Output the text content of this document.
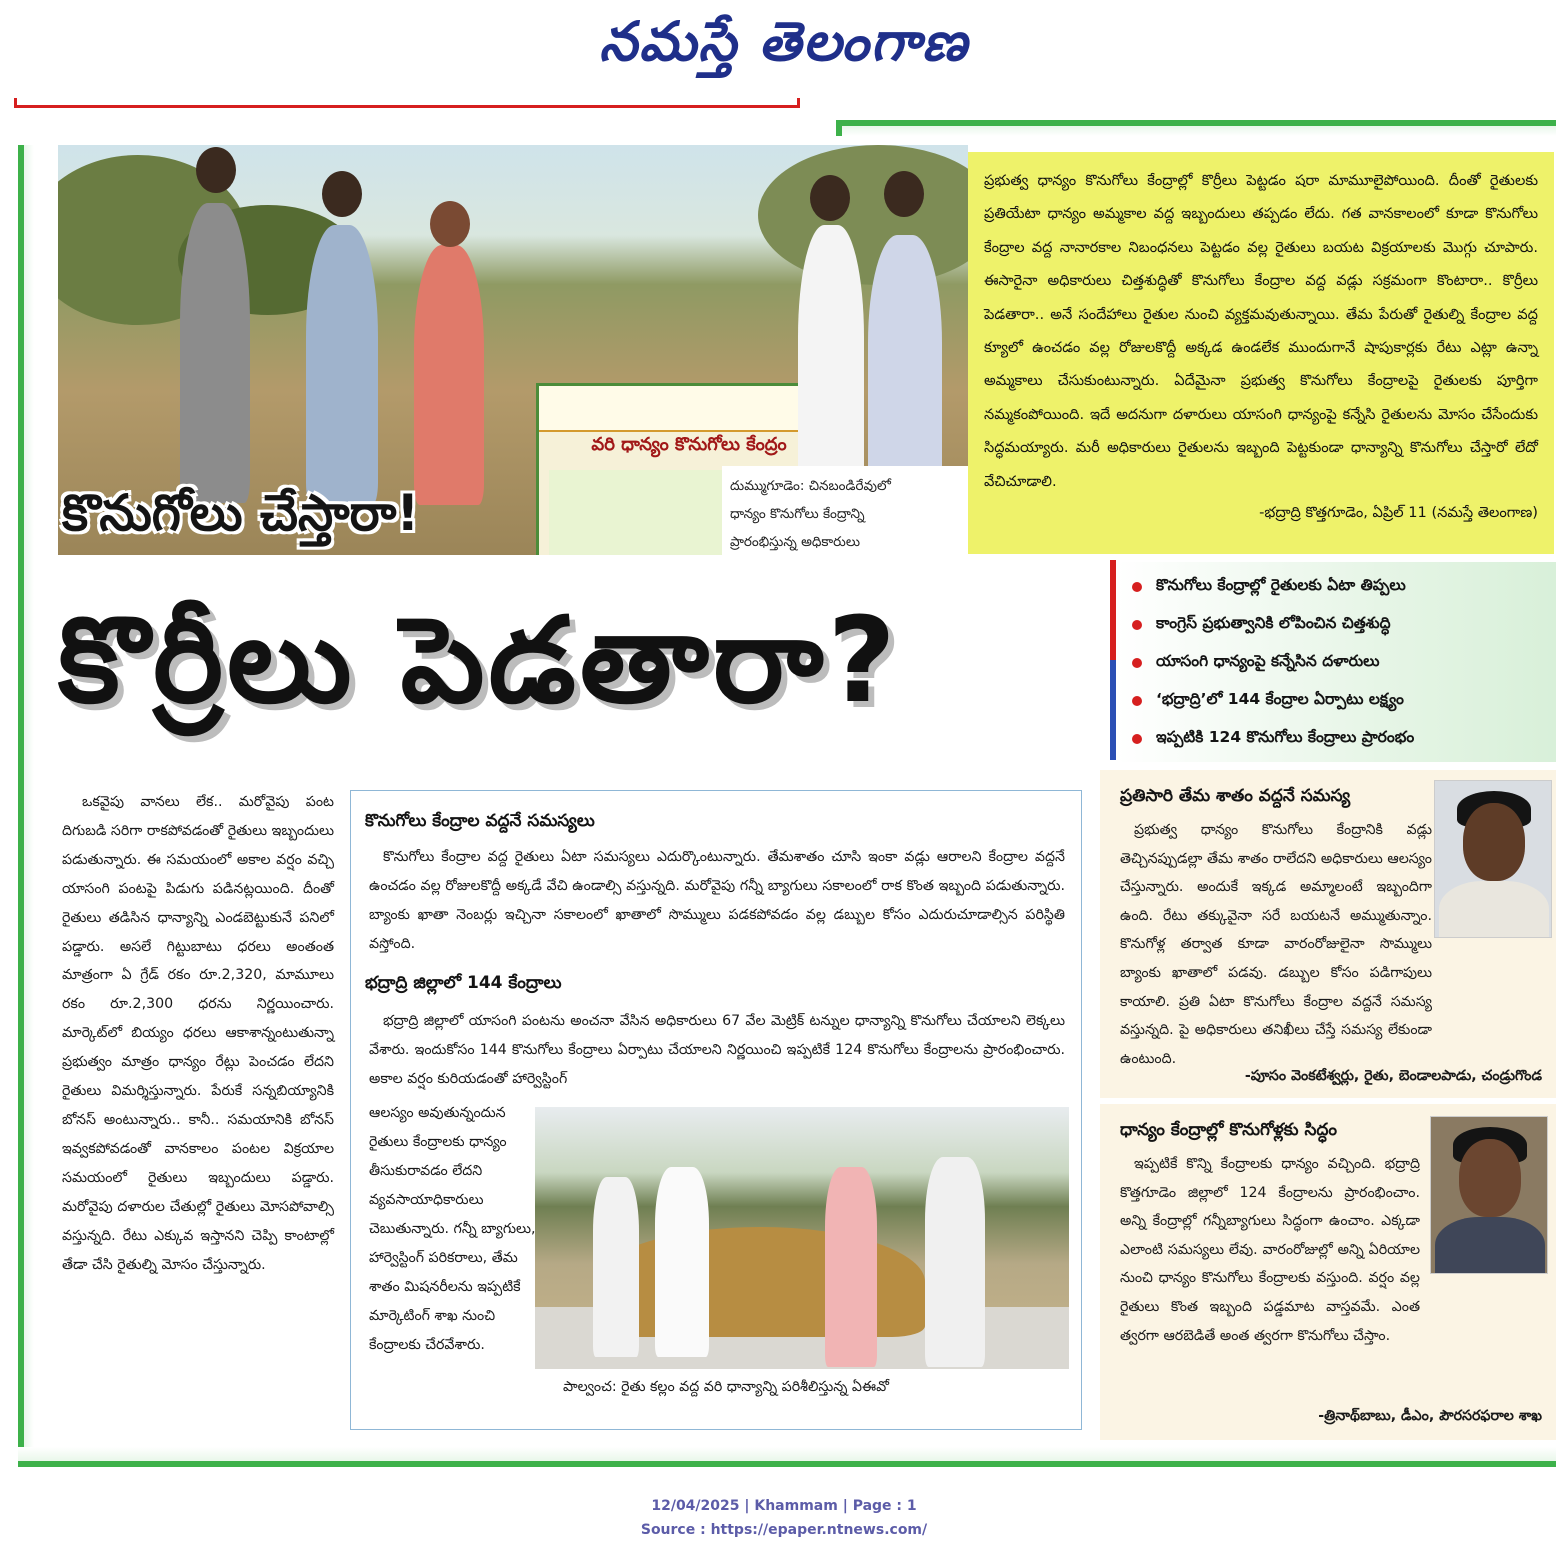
నమస్తే తెలంగాణ
వరి ధాన్యం కొనుగోలు కేంద్రం
కొనుగోలు చేస్తారా!	దుమ్ముగూడెం: చినబండిరేవులో
ధాన్యం కొనుగోలు కేంద్రాన్ని
ప్రారంభిస్తున్న అధికారులు

ప్రభుత్వ ధాన్యం కొనుగోలు కేంద్రాల్లో కొర్రీలు పెట్టడం షరా మామూలైపోయింది. దీంతో రైతులకు ప్రతియేటా ధాన్యం అమ్మకాల వద్ద ఇబ్బందులు తప్పడం లేదు. గత వానకాలంలో కూడా కొనుగోలు కేంద్రాల వద్ద నానారకాల నిబంధనలు పెట్టడం వల్ల రైతులు బయట విక్రయాలకు మొగ్గు చూపారు. ఈసారైనా అధికారులు చిత్తశుద్ధితో కొనుగోలు కేంద్రాల వద్ద వడ్లు సక్రమంగా కొంటారా.. కొర్రీలు పెడతారా.. అనే సందేహాలు రైతుల నుంచి వ్యక్తమవుతున్నాయి. తేమ పేరుతో రైతుల్ని కేంద్రాల వద్ద క్యూలో ఉంచడం వల్ల రోజులకొద్దీ అక్కడ ఉండలేక ముందుగానే షాపుకార్లకు రేటు ఎట్లా ఉన్నా అమ్మకాలు చేసుకుంటున్నారు. ఏదేమైనా ప్రభుత్వ కొనుగోలు కేంద్రాలపై రైతులకు పూర్తిగా నమ్మకంపోయింది. ఇదే అదనుగా దళారులు యాసంగి ధాన్యంపై కన్నేసి రైతులను మోసం చేసేందుకు సిద్ధమయ్యారు. మరీ అధికారులు రైతులను ఇబ్బంది పెట్టకుండా ధాన్యాన్ని కొనుగోలు చేస్తారో లేదో వేచిచూడాలి.

-భద్రాద్రి కొత్తగూడెం, ఏప్రిల్ 11 (నమస్తే తెలంగాణ)
కొర్రీలు పెడతారా?
కొనుగోలు కేంద్రాల్లో రైతులకు ఏటా తిప్పలు
కాంగ్రెస్ ప్రభుత్వానికి లోపించిన చిత్తశుద్ధి
యాసంగి ధాన్యంపై కన్నేసిన దళారులు
‘భద్రాద్రి’లో 144 కేంద్రాల ఏర్పాటు లక్ష్యం
ఇప్పటికి 124 కొనుగోలు కేంద్రాలు ప్రారంభం

ఒకవైపు వానలు లేక.. మరోవైపు పంట దిగుబడి సరిగా రాకపోవడంతో రైతులు ఇబ్బందులు పడుతున్నారు. ఈ సమయంలో అకాల వర్షం వచ్చి యాసంగి పంటపై పిడుగు పడినట్లయింది. దీంతో రైతులు తడిసిన ధాన్యాన్ని ఎండబెట్టుకునే పనిలో పడ్డారు. అసలే గిట్టుబాటు ధరలు అంతంత మాత్రంగా ఏ గ్రేడ్ రకం రూ.2,320, మామూలు రకం రూ.2,300 ధరను నిర్ణయించారు. మార్కెట్‌లో బియ్యం ధరలు ఆకాశాన్నంటుతున్నా ప్రభుత్వం మాత్రం ధాన్యం రేట్లు పెంచడం లేదని రైతులు విమర్శిస్తున్నారు. పేరుకే సన్నబియ్యానికి బోనస్ అంటున్నారు.. కానీ.. సమయానికి బోనస్ ఇవ్వకపోవడంతో వానకాలం పంటల విక్రయాల సమయంలో రైతులు ఇబ్బందులు పడ్డారు. మరోవైపు దళారుల చేతుల్లో రైతులు మోసపోవాల్సి వస్తున్నది. రేటు ఎక్కువ ఇస్తానని చెప్పి కాంటాల్లో తేడా చేసి రైతుల్ని మోసం చేస్తున్నారు.

కొనుగోలు కేంద్రాల వద్దనే సమస్యలు
కొనుగోలు కేంద్రాల వద్ద రైతులు ఏటా సమస్యలు ఎదుర్కొంటున్నారు. తేమశాతం చూసి ఇంకా వడ్లు ఆరాలని కేంద్రాల వద్దనే ఉంచడం వల్ల రోజులకొద్దీ అక్కడే వేచి ఉండాల్సి వస్తున్నది. మరోవైపు గన్నీ బ్యాగులు సకాలంలో రాక కొంత ఇబ్బంది పడుతున్నారు. బ్యాంకు ఖాతా నెంబర్లు ఇచ్చినా సకాలంలో ఖాతాలో సొమ్ములు పడకపోవడం వల్ల డబ్బుల కోసం ఎదురుచూడాల్సిన పరిస్థితి వస్తోంది.
భద్రాద్రి జిల్లాలో 144 కేంద్రాలు
భద్రాద్రి జిల్లాలో యాసంగి పంటను అంచనా వేసిన అధికారులు 67 వేల మెట్రిక్ టన్నుల ధాన్యాన్ని కొనుగోలు చేయాలని లెక్కలు వేశారు. ఇందుకోసం 144 కొనుగోలు కేంద్రాలు ఏర్పాటు చేయాలని నిర్ణయించి ఇప్పటికే 124 కొనుగోలు కేంద్రాలను ప్రారంభించారు. అకాల వర్షం కురియడంతో హార్వెస్టింగ్
ఆలస్యం అవుతున్నందున రైతులు కేంద్రాలకు ధాన్యం తీసుకురావడం లేదని వ్యవసాయాధికారులు చెబుతున్నారు. గన్నీ బ్యాగులు, హార్వెస్టింగ్ పరికరాలు, తేమ శాతం మిషనరీలను ఇప్పటికే మార్కెటింగ్ శాఖ నుంచి కేంద్రాలకు చేరవేశారు.
పాల్వంచ: రైతు కల్లం వద్ద వరి ధాన్యాన్ని పరిశీలిస్తున్న ఏఈవో
ప్రతిసారి తేమ శాతం వద్దనే సమస్య
ప్రభుత్వ ధాన్యం కొనుగోలు కేంద్రానికి వడ్లు తెచ్చినప్పుడల్లా తేమ శాతం రాలేదని అధికారులు ఆలస్యం చేస్తున్నారు. అందుకే ఇక్కడ అమ్మాలంటే ఇబ్బందిగా ఉంది. రేటు తక్కువైనా సరే బయటనే అమ్ముతున్నాం. కొనుగోళ్ల తర్వాత కూడా వారంరోజులైనా సొమ్ములు బ్యాంకు ఖాతాలో పడవు. డబ్బుల కోసం పడిగాపులు కాయాలి. ప్రతి ఏటా కొనుగోలు కేంద్రాల వద్దనే సమస్య వస్తున్నది. పై అధికారులు తనిఖీలు చేస్తే సమస్య లేకుండా ఉంటుంది.
-పూసం వెంకటేశ్వర్లు, రైతు, బెండాలపాడు, చండ్రుగొండ
ధాన్యం కేంద్రాల్లో కొనుగోళ్లకు సిద్ధం
ఇప్పటికే కొన్ని కేంద్రాలకు ధాన్యం వచ్చింది. భద్రాద్రి కొత్తగూడెం జిల్లాలో 124 కేంద్రాలను ప్రారంభించాం. అన్ని కేంద్రాల్లో గన్నీబ్యాగులు సిద్ధంగా ఉంచాం. ఎక్కడా ఎలాంటి సమస్యలు లేవు. వారంరోజుల్లో అన్ని ఏరియాల నుంచి ధాన్యం కొనుగోలు కేంద్రాలకు వస్తుంది. వర్షం వల్ల రైతులు కొంత ఇబ్బంది పడ్డమాట వాస్తవమే. ఎంత త్వరగా ఆరబెడితే అంత త్వరగా కొనుగోలు చేస్తాం.
-త్రినాథ్‌బాబు, డీఎం, పౌరసరఫరాల శాఖ
12/04/2025 | Khammam | Page : 1
Source : https://epaper.ntnews.com/
